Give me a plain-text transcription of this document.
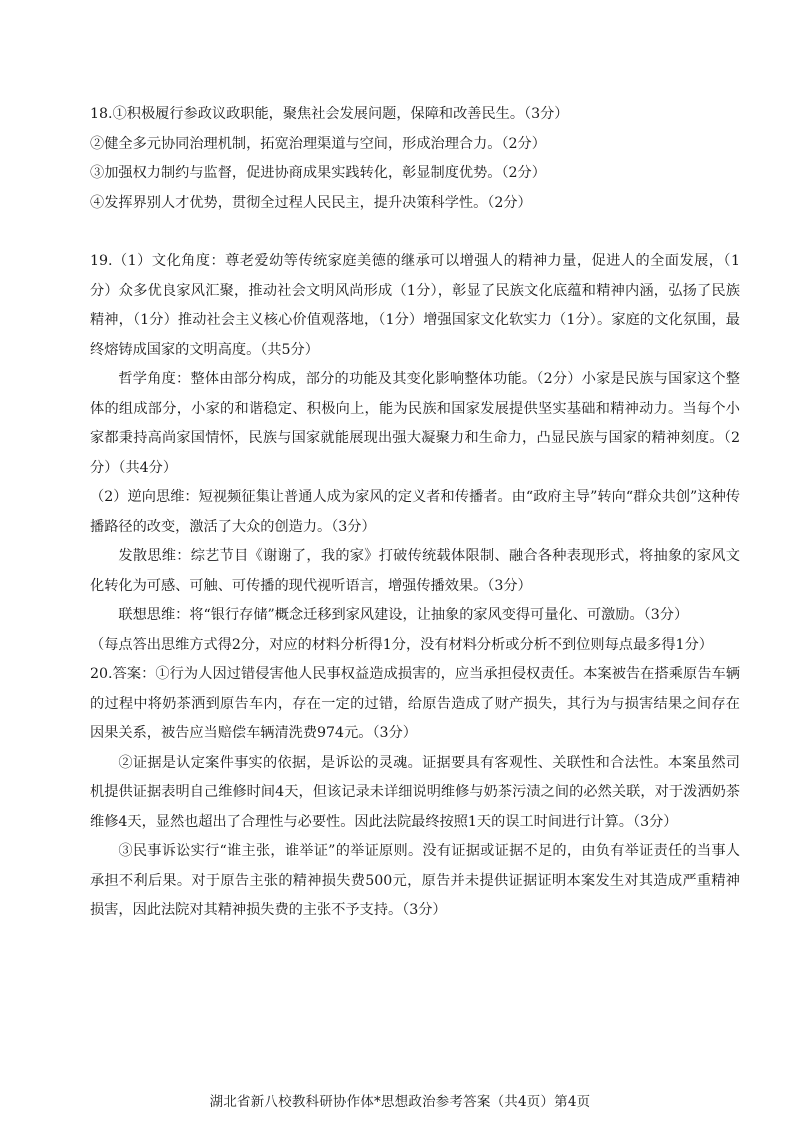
18.①积极履行参政议政职能，聚焦社会发展问题，保障和改善民生。（3分）

②健全多元协同治理机制，拓宽治理渠道与空间，形成治理合力。（2分）

③加强权力制约与监督，促进协商成果实践转化，彰显制度优势。（2分）

④发挥界别人才优势，贯彻全过程人民民主，提升决策科学性。（2分）

19.（1）文化角度：尊老爱幼等传统家庭美德的继承可以增强人的精神力量，促进人的全面发展，（1分）众多优良家风汇聚，推动社会文明风尚形成（1分），彰显了民族文化底蕴和精神内涵，弘扬了民族精神，（1分）推动社会主义核心价值观落地，（1分）增强国家文化软实力（1分）。家庭的文化氛围，最终熔铸成国家的文明高度。（共5分）

哲学角度：整体由部分构成，部分的功能及其变化影响整体功能。（2分）小家是民族与国家这个整体的组成部分，小家的和谐稳定、积极向上，能为民族和国家发展提供坚实基础和精神动力。当每个小家都秉持高尚家国情怀，民族与国家就能展现出强大凝聚力和生命力，凸显民族与国家的精神刻度。（2分）（共4分）

（2）逆向思维：短视频征集让普通人成为家风的定义者和传播者。由“政府主导”转向“群众共创”这种传播路径的改变，激活了大众的创造力。（3分）

发散思维：综艺节目《谢谢了，我的家》打破传统载体限制、融合各种表现形式，将抽象的家风文化转化为可感、可触、可传播的现代视听语言，增强传播效果。（3分）

联想思维：将“银行存储”概念迁移到家风建设，让抽象的家风变得可量化、可激励。（3分）

（每点答出思维方式得2分，对应的材料分析得1分，没有材料分析或分析不到位则每点最多得1分）

20.答案：①行为人因过错侵害他人民事权益造成损害的，应当承担侵权责任。本案被告在搭乘原告车辆的过程中将奶茶洒到原告车内，存在一定的过错，给原告造成了财产损失，其行为与损害结果之间存在因果关系，被告应当赔偿车辆清洗费974元。（3分）

②证据是认定案件事实的依据，是诉讼的灵魂。证据要具有客观性、关联性和合法性。本案虽然司机提供证据表明自己维修时间4天，但该记录未详细说明维修与奶茶污渍之间的必然关联，对于泼洒奶茶维修4天，显然也超出了合理性与必要性。因此法院最终按照1天的误工时间进行计算。（3分）

③民事诉讼实行“谁主张，谁举证”的举证原则。没有证据或证据不足的，由负有举证责任的当事人承担不利后果。对于原告主张的精神损失费500元，原告并未提供证据证明本案发生对其造成严重精神损害，因此法院对其精神损失费的主张不予支持。（3分）

湖北省新八校教科研协作体*思想政治参考答案（共4页）第4页
